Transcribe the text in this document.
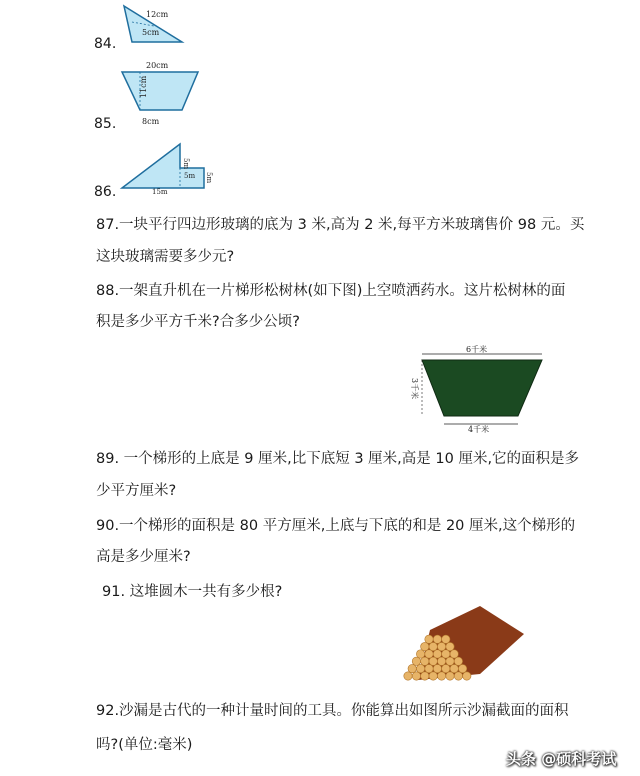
12cm
5cm
84.
20cm
11cm
8cm
85.
5m
5m 5m
15m
86.
87.一块平行四边形玻璃的底为 3 米,高为 2 米,每平方米玻璃售价 98 元。买
这块玻璃需要多少元?
88.一架直升机在一片梯形松树林(如下图)上空喷洒药水。这片松树林的面
积是多少平方千米?合多少公顷?
6千米
3千米
4千米
89. 一个梯形的上底是 9 厘米,比下底短 3 厘米,高是 10 厘米,它的面积是多
少平方厘米?
90.一个梯形的面积是 80 平方厘米,上底与下底的和是 20 厘米,这个梯形的
高是多少厘米?
91. 这堆圆木一共有多少根?
92.沙漏是古代的一种计量时间的工具。你能算出如图所示沙漏截面的面积
吗?(单位:毫米)
头条 @硕科考试
